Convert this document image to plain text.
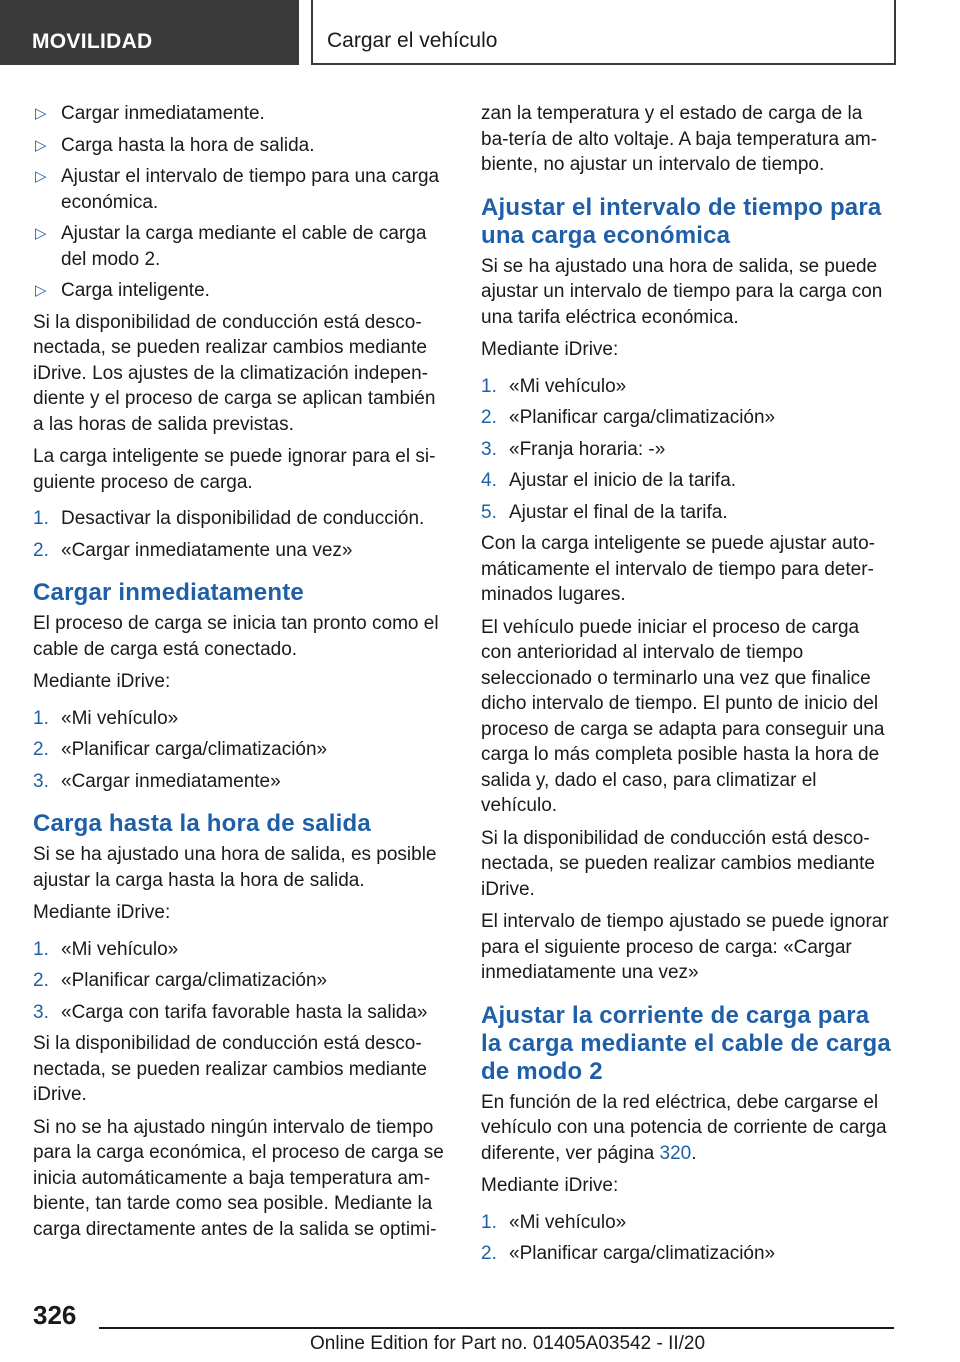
MOVILIDAD	Cargar el vehículo
▷ Cargar inmediatamente.
▷ Carga hasta la hora de salida.
▷ Ajustar el intervalo de tiempo para una carga económica.
▷ Ajustar la carga mediante el cable de carga del modo 2.
▷ Carga inteligente.

Si la disponibilidad de conducción está desco-nectada, se pueden realizar cambios mediante iDrive. Los ajustes de la climatización indepen-diente y el proceso de carga se aplican también a las horas de salida previstas.

La carga inteligente se puede ignorar para el si-guiente proceso de carga.

1. Desactivar la disponibilidad de conducción.
2. «Cargar inmediatamente una vez»
Cargar inmediatamente

El proceso de carga se inicia tan pronto como el cable de carga está conectado.

Mediante iDrive:

1. «Mi vehículo»
2. «Planificar carga/climatización»
3. «Cargar inmediatamente»
Carga hasta la hora de salida

Si se ha ajustado una hora de salida, es posible ajustar la carga hasta la hora de salida.

Mediante iDrive:

1. «Mi vehículo»
2. «Planificar carga/climatización»
3. «Carga con tarifa favorable hasta la salida»

Si la disponibilidad de conducción está desco-nectada, se pueden realizar cambios mediante iDrive.

Si no se ha ajustado ningún intervalo de tiempo para la carga económica, el proceso de carga se inicia automáticamente a baja temperatura am-biente, tan tarde como sea posible. Mediante la carga directamente antes de la salida se optimi-

zan la temperatura y el estado de carga de la ba-tería de alto voltaje. A baja temperatura am-biente, no ajustar un intervalo de tiempo.

Ajustar el intervalo de tiempo para una carga económica

Si se ha ajustado una hora de salida, se puede ajustar un intervalo de tiempo para la carga con una tarifa eléctrica económica.

Mediante iDrive:

1. «Mi vehículo»
2. «Planificar carga/climatización»
3. «Franja horaria: -»
4. Ajustar el inicio de la tarifa.
5. Ajustar el final de la tarifa.

Con la carga inteligente se puede ajustar auto-máticamente el intervalo de tiempo para deter-minados lugares.

El vehículo puede iniciar el proceso de carga con anterioridad al intervalo de tiempo seleccionado o terminarlo una vez que finalice dicho intervalo de tiempo. El punto de inicio del proceso de carga se adapta para conseguir una carga lo más completa posible hasta la hora de salida y, dado el caso, para climatizar el vehículo.

Si la disponibilidad de conducción está desco-nectada, se pueden realizar cambios mediante iDrive.

El intervalo de tiempo ajustado se puede ignorar para el siguiente proceso de carga: «Cargar inmediatamente una vez»

Ajustar la corriente de carga para la carga mediante el cable de carga de modo 2

En función de la red eléctrica, debe cargarse el vehículo con una potencia de corriente de carga diferente, ver página 320.

Mediante iDrive:

1. «Mi vehículo»
2. «Planificar carga/climatización»
326
Online Edition for Part no. 01405A03542 - II/20
